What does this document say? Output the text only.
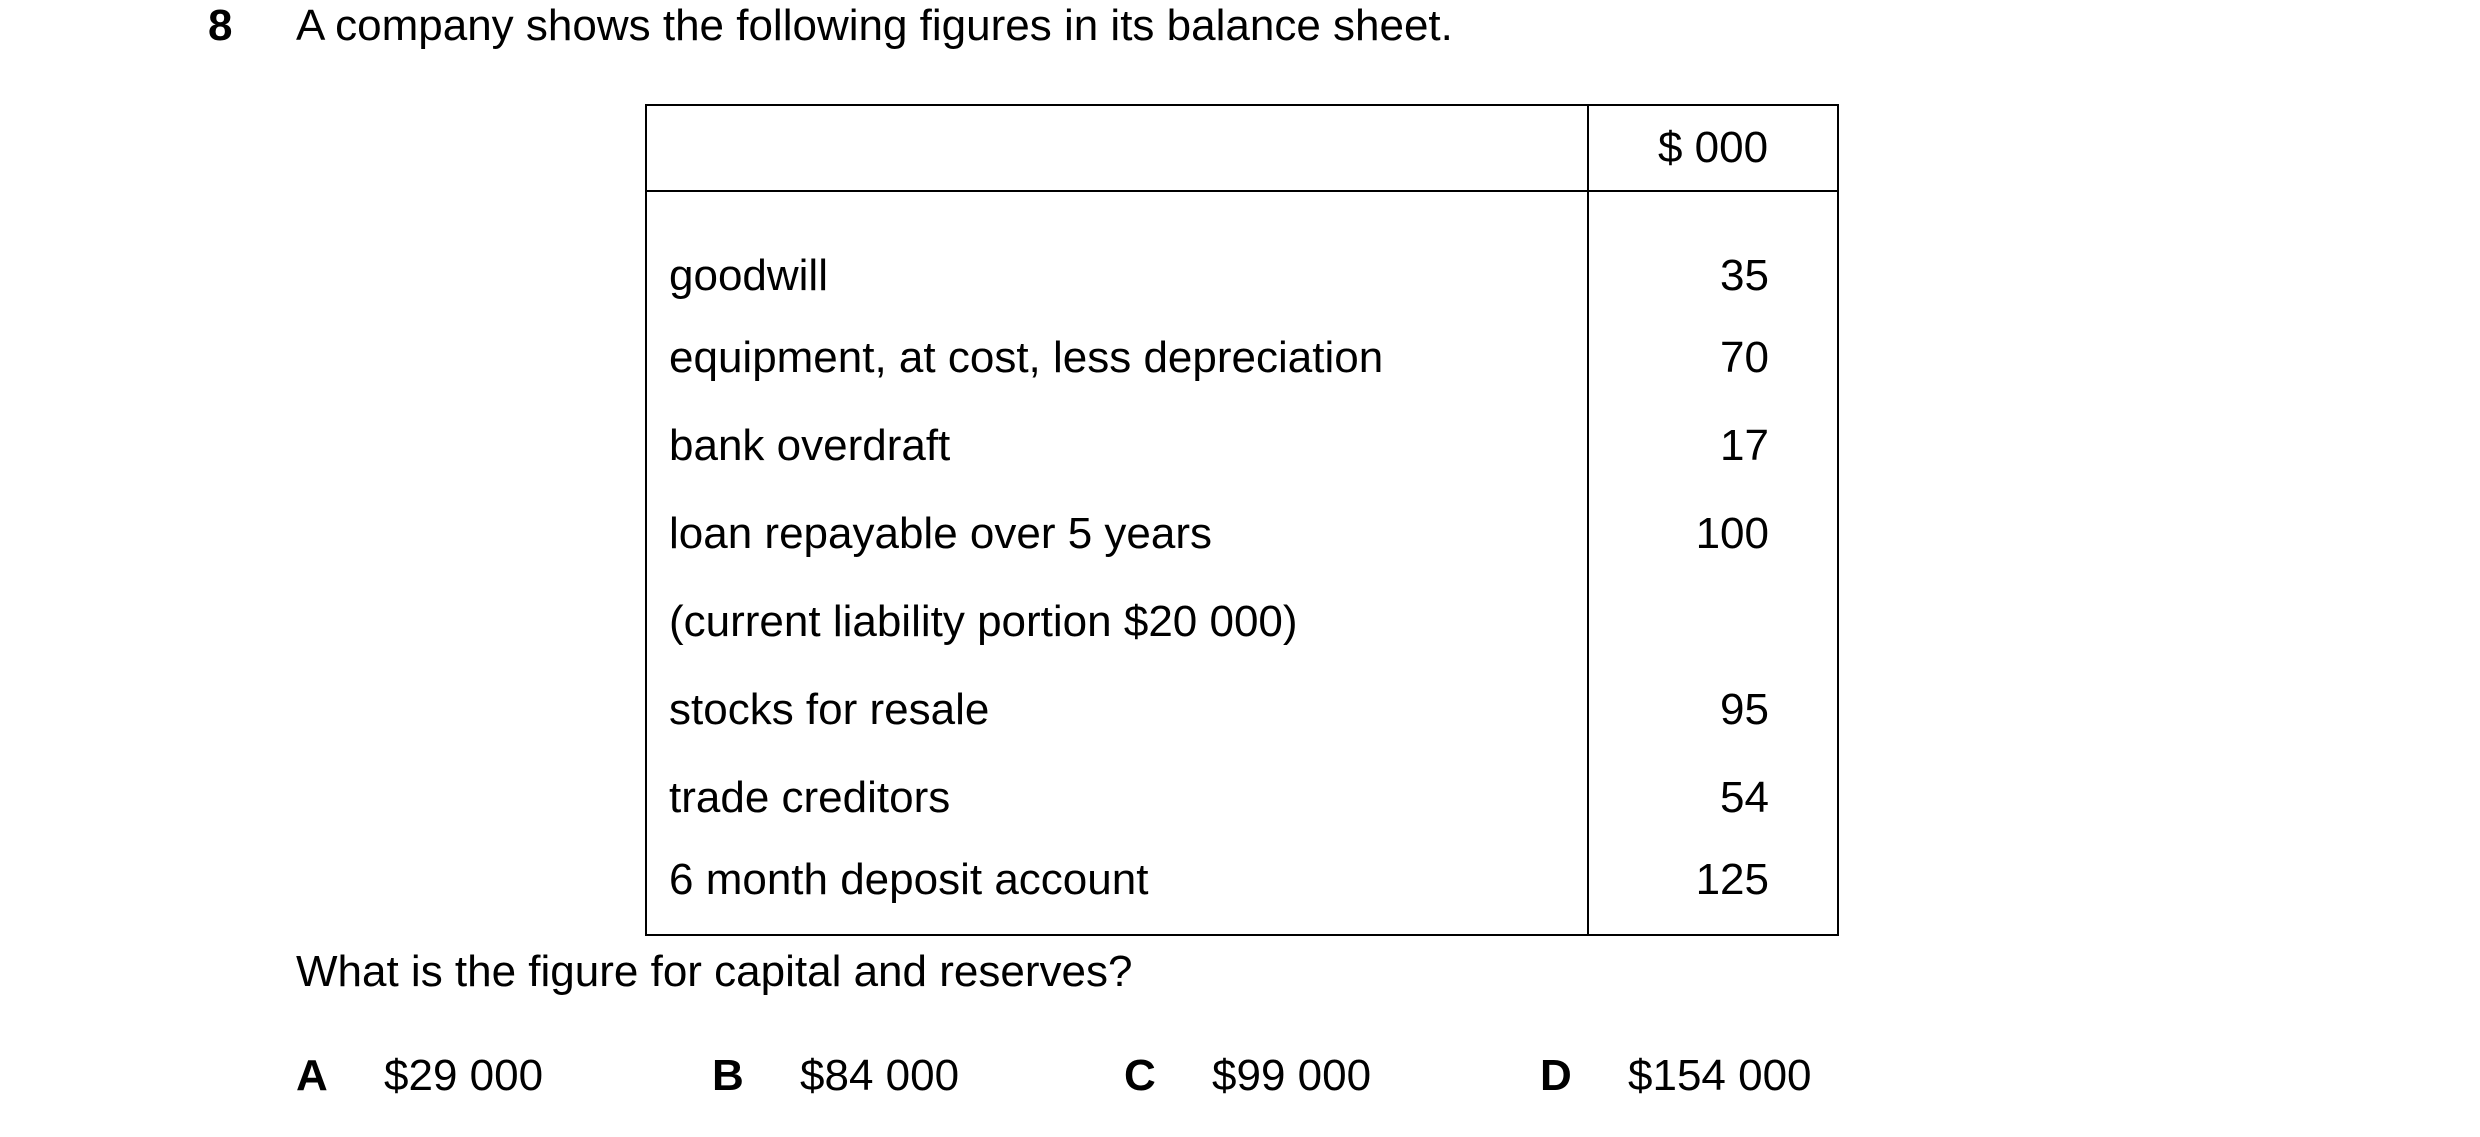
8 A company shows the following figures in its balance sheet.
	$ 000
goodwill	35
equipment, at cost, less depreciation	70
bank overdraft	17
loan repayable over 5 years	100
(current liability portion $20 000)	
stocks for resale	95
trade creditors	54
6 month deposit account	125
What is the figure for capital and reserves?
A $29 000	B $84 000	C $99 000	D $154 000
